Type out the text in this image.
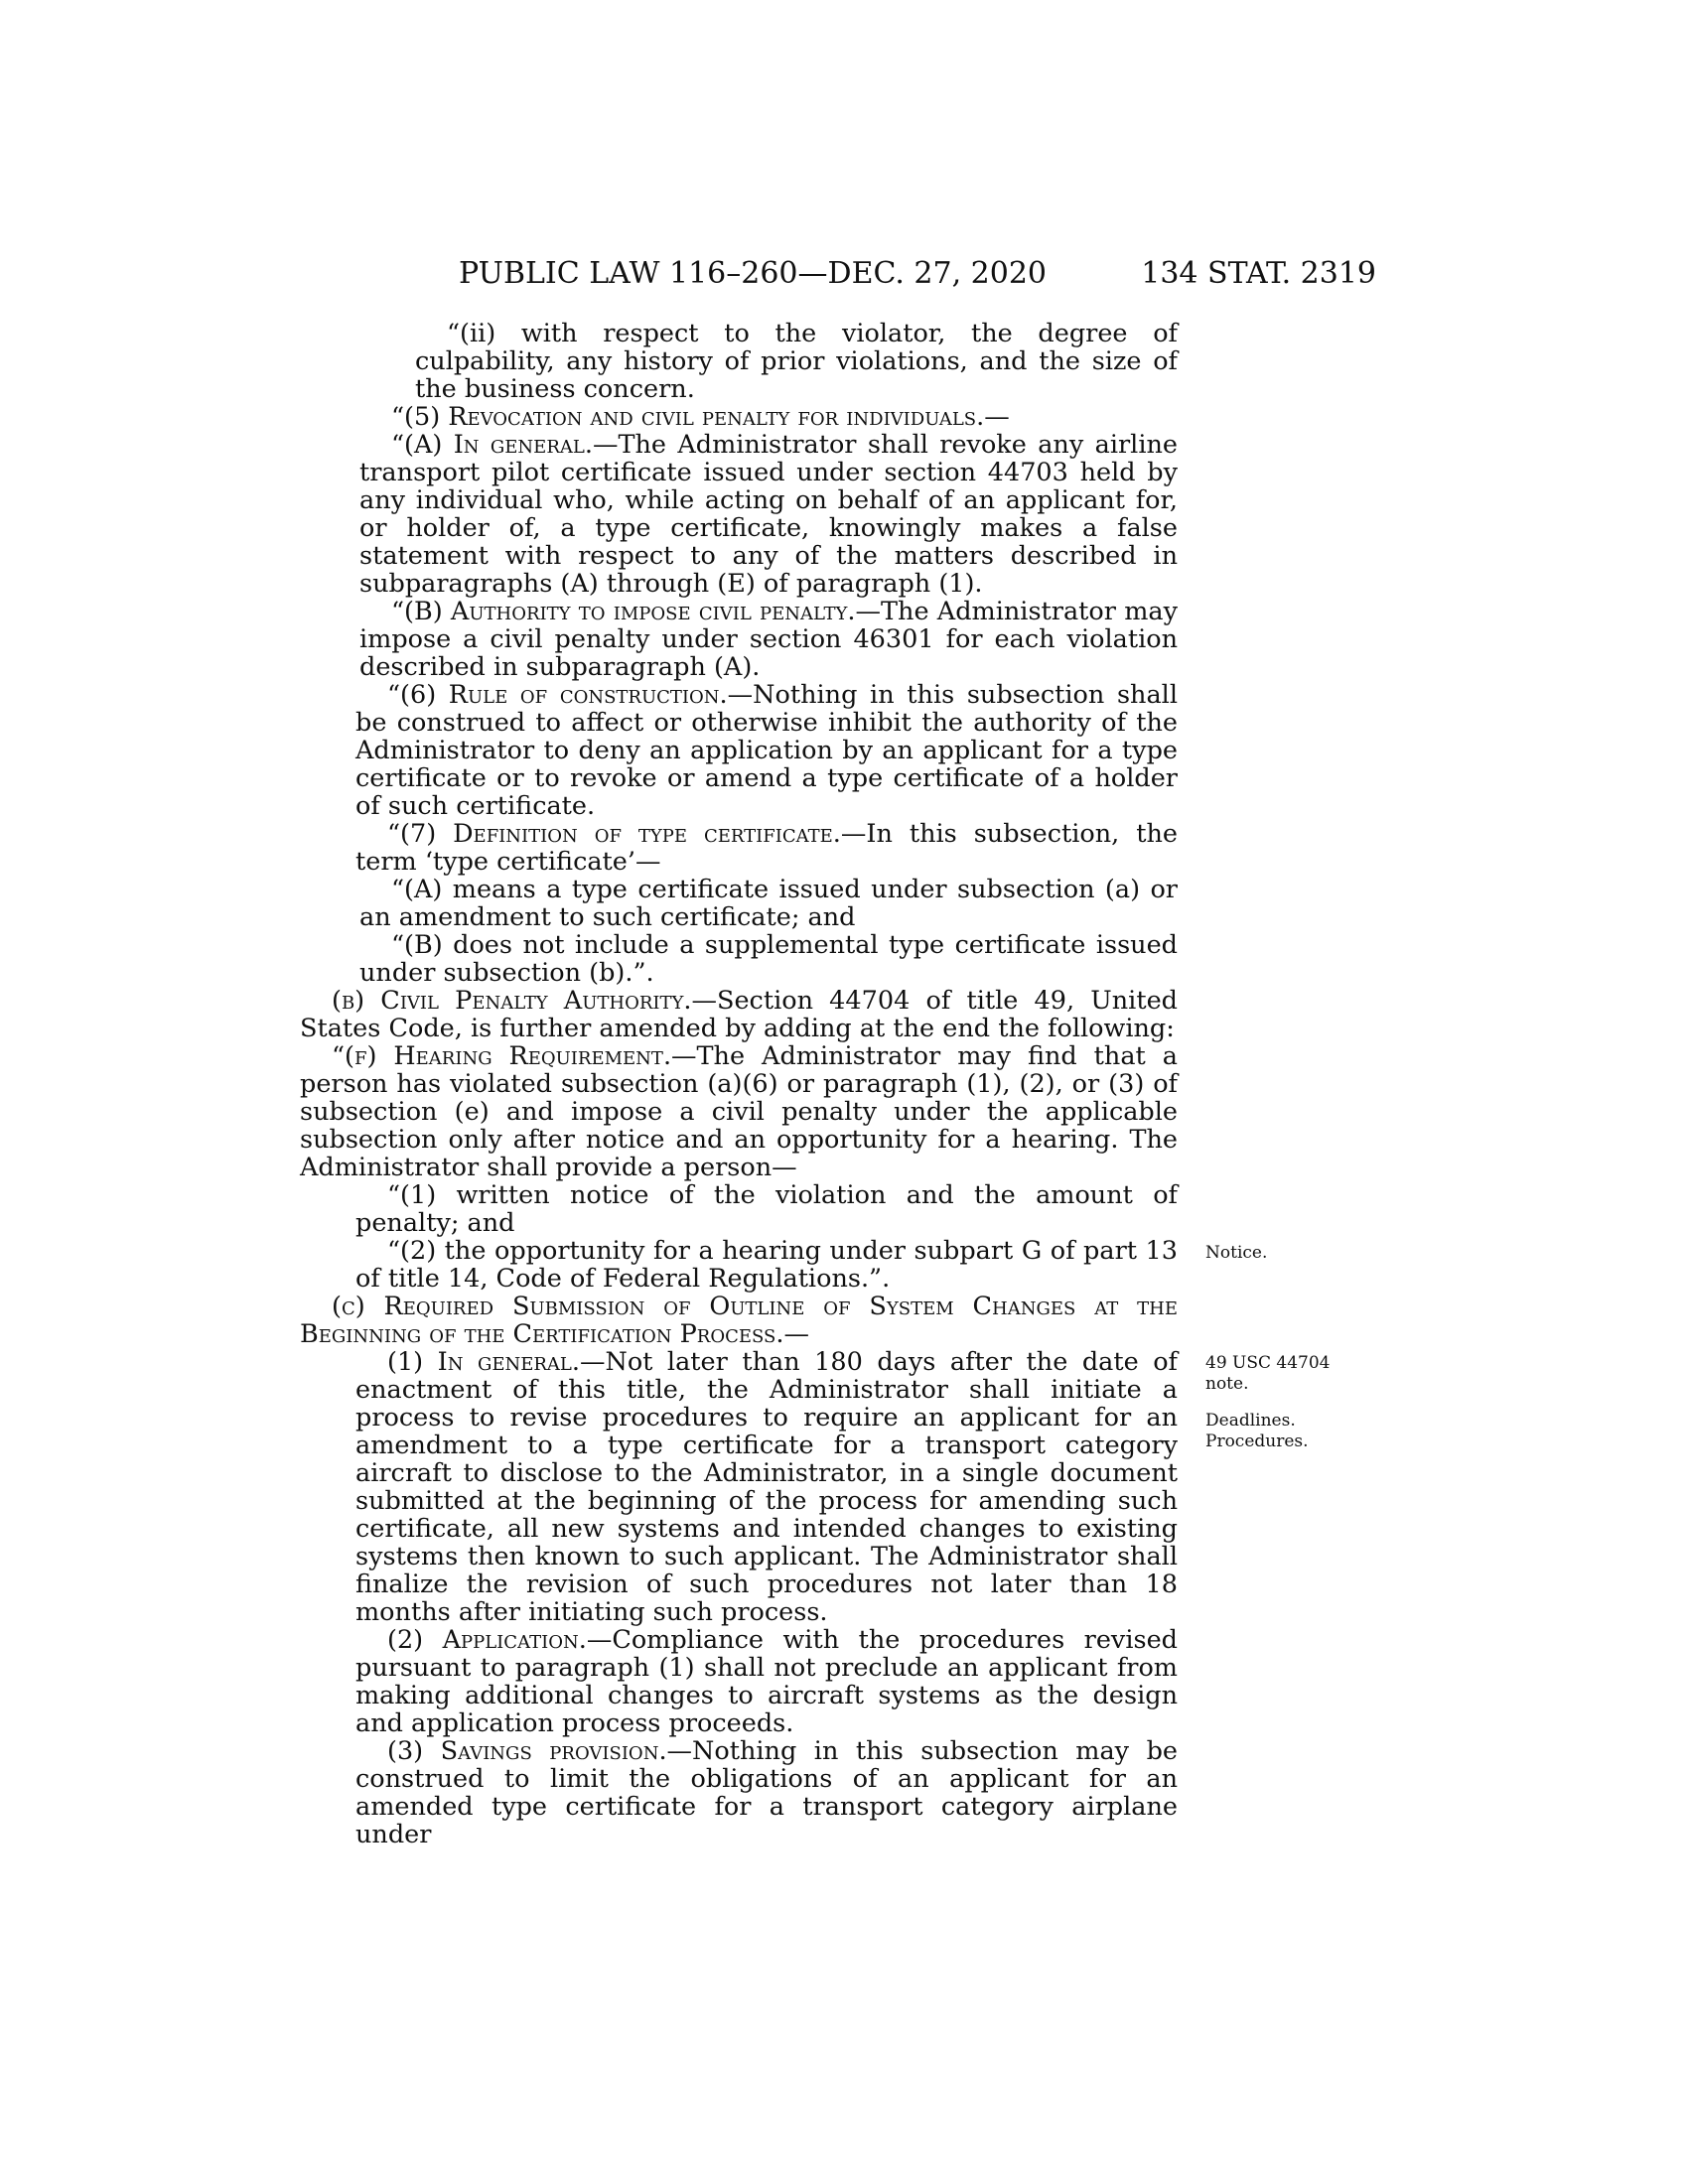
PUBLIC LAW 116–260—DEC. 27, 2020	134 STAT. 2319

“(ii) with respect to the violator, the degree of culpability, any history of prior violations, and the size of the business concern.

“(5) Revocation and civil penalty for individuals.—

“(A) In general.—The Administrator shall revoke any airline transport pilot certificate issued under section 44703 held by any individual who, while acting on behalf of an applicant for, or holder of, a type certificate, knowingly makes a false statement with respect to any of the matters described in subparagraphs (A) through (E) of paragraph (1).

“(B) Authority to impose civil penalty.—The Administrator may impose a civil penalty under section 46301 for each violation described in subparagraph (A).

“(6) Rule of construction.—Nothing in this subsection shall be construed to affect or otherwise inhibit the authority of the Administrator to deny an application by an applicant for a type certificate or to revoke or amend a type certificate of a holder of such certificate.

“(7) Definition of type certificate.—In this subsection, the term ‘type certificate’—

“(A) means a type certificate issued under subsection (a) or an amendment to such certificate; and

“(B) does not include a supplemental type certificate issued under subsection (b).”.

(b) Civil Penalty Authority.—Section 44704 of title 49, United States Code, is further amended by adding at the end the following:

“(f) Hearing Requirement.—The Administrator may find that a person has violated subsection (a)(6) or paragraph (1), (2), or (3) of subsection (e) and impose a civil penalty under the applicable subsection only after notice and an opportunity for a hearing. The Administrator shall provide a person—

“(1) written notice of the violation and the amount of penalty; and

“(2) the opportunity for a hearing under subpart G of part 13 of title 14, Code of Federal Regulations.”.

(c) Required Submission of Outline of System Changes at the Beginning of the Certification Process.—

(1) In general.—Not later than 180 days after the date of enactment of this title, the Administrator shall initiate a process to revise procedures to require an applicant for an amendment to a type certificate for a transport category aircraft to disclose to the Administrator, in a single document submitted at the beginning of the process for amending such certificate, all new systems and intended changes to existing systems then known to such applicant. The Administrator shall finalize the revision of such procedures not later than 18 months after initiating such process.

(2) Application.—Compliance with the procedures revised pursuant to paragraph (1) shall not preclude an applicant from making additional changes to aircraft systems as the design and application process proceeds.

(3) Savings provision.—Nothing in this subsection may be construed to limit the obligations of an applicant for an amended type certificate for a transport category airplane under

Notice.
49 USC 44704
note.
Deadlines.
Procedures.
